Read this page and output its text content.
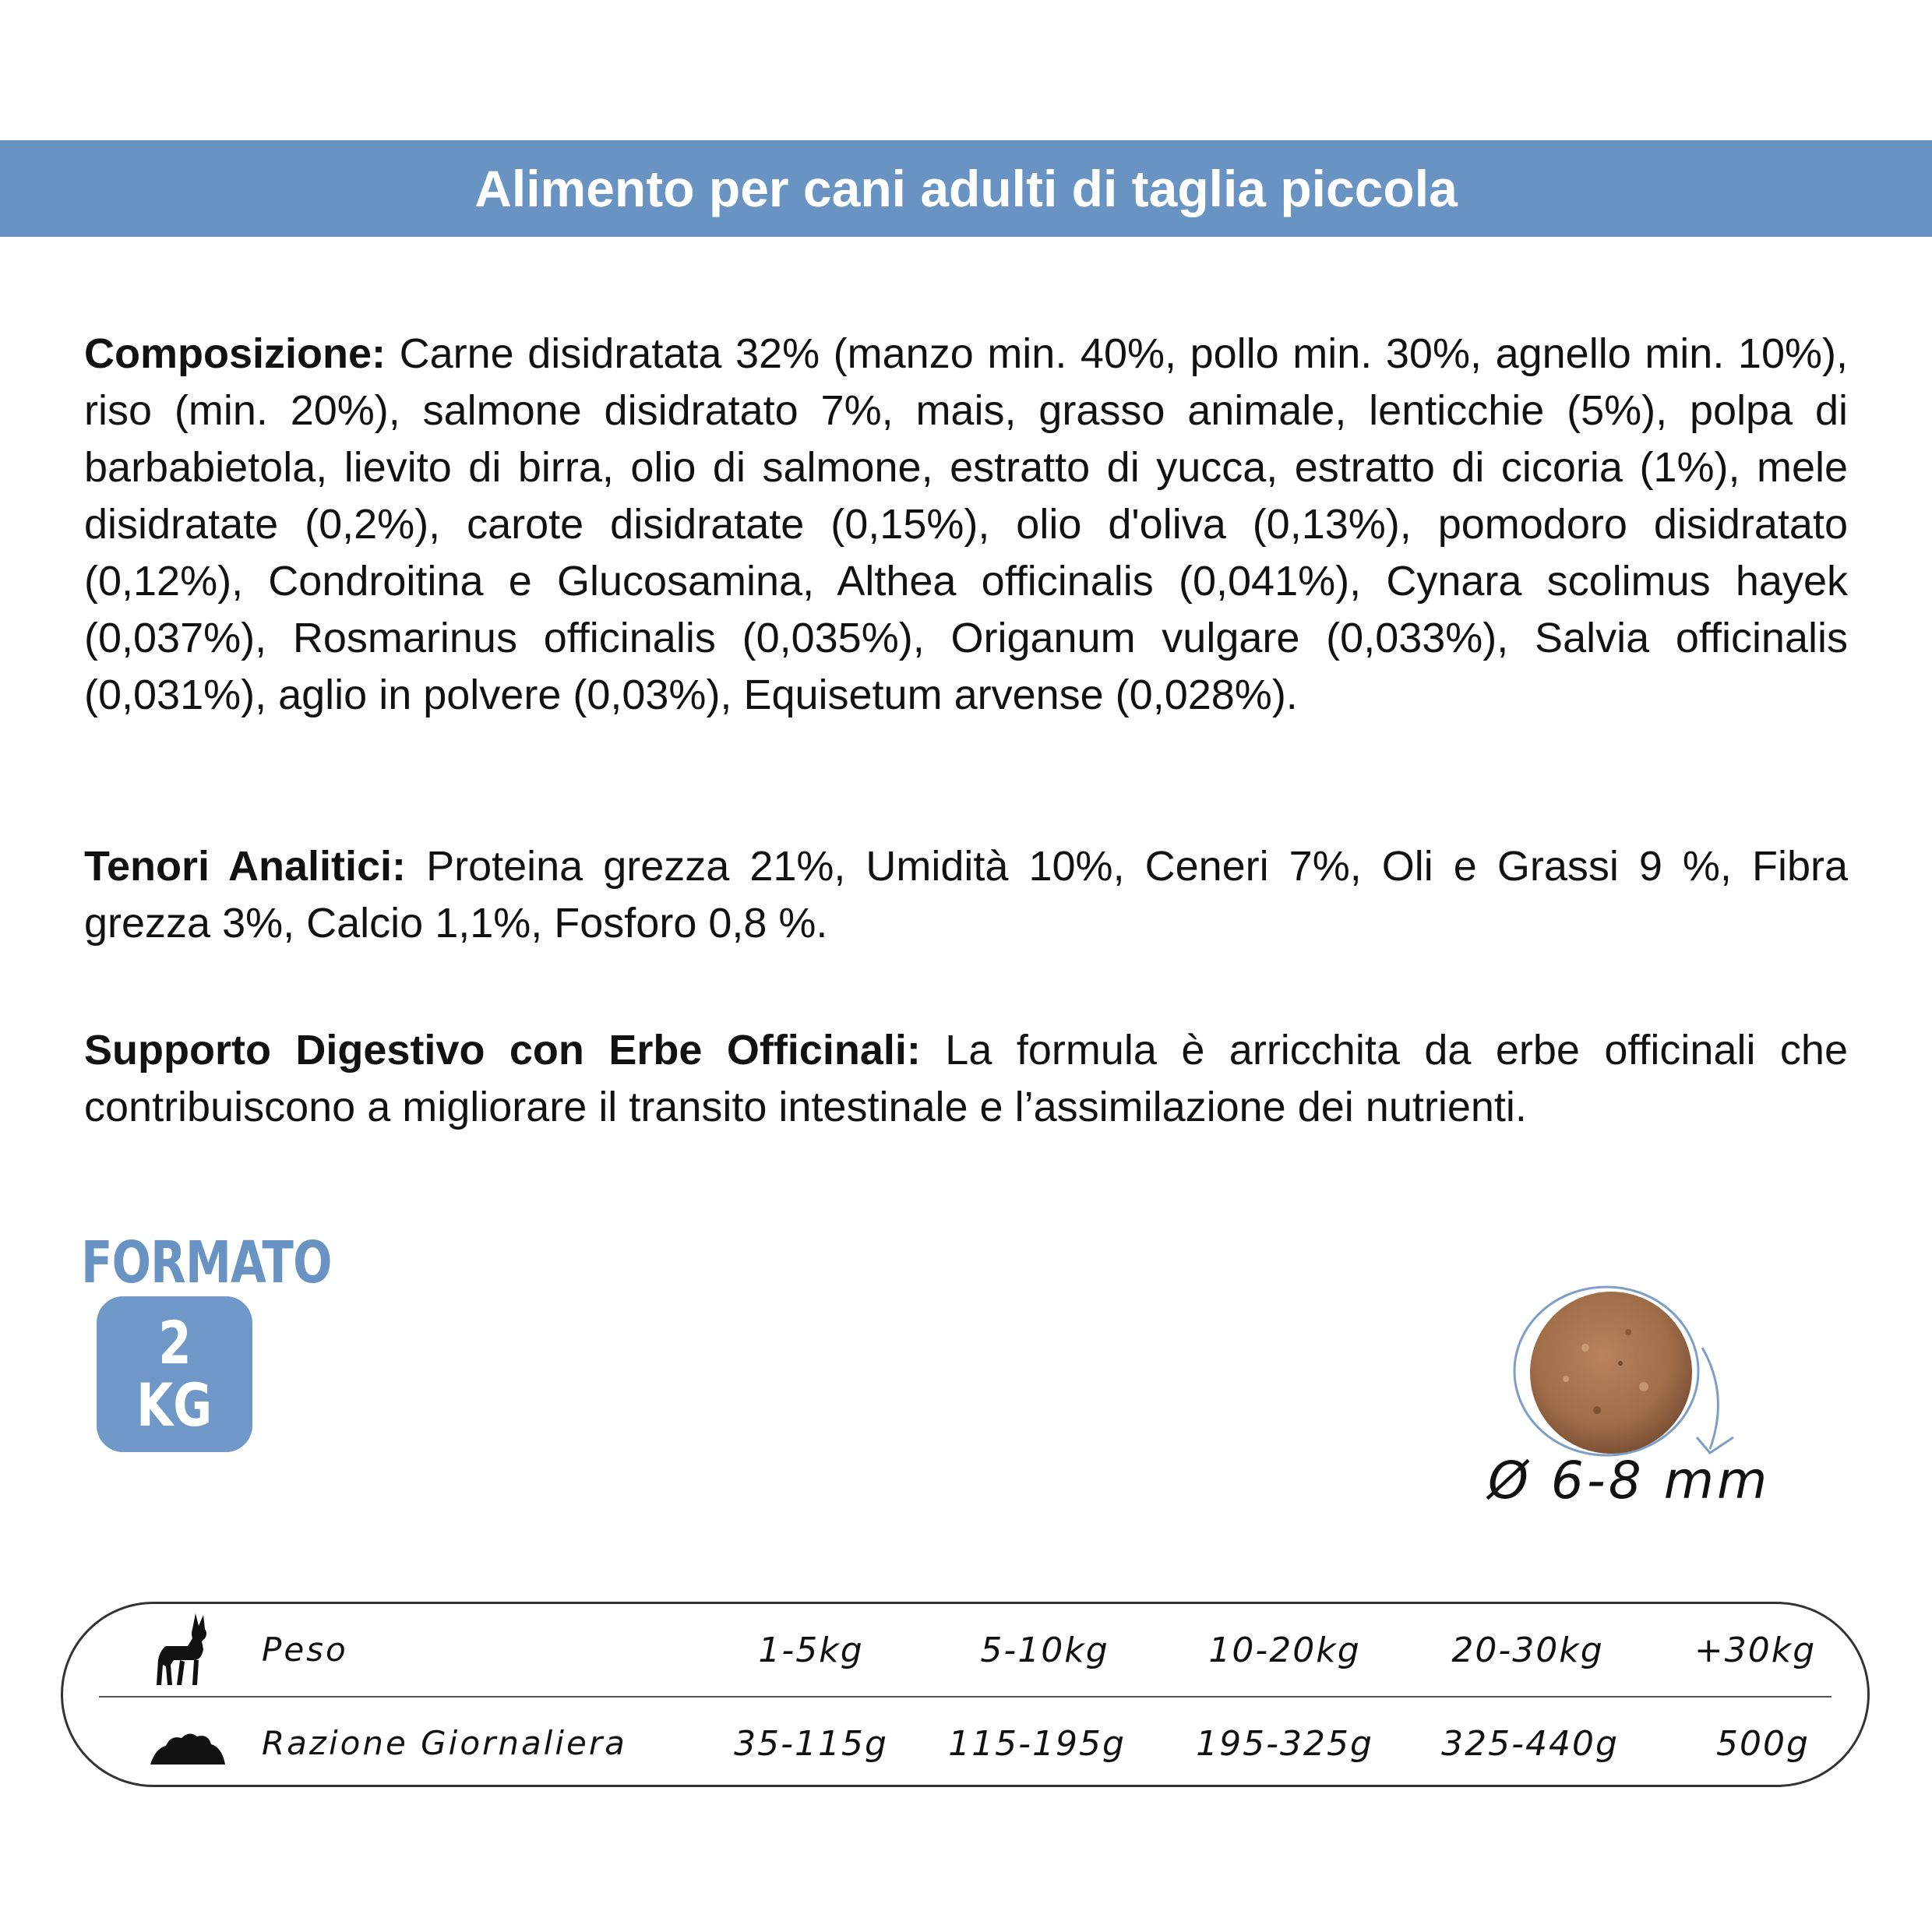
Alimento per cani adulti di taglia piccola
Composizione: Carne disidratata 32% (manzo min. 40%, pollo min. 30%, agnello min. 10%), riso (min. 20%), salmone disidratato 7%, mais, grasso animale, lenticchie (5%), polpa di barbabietola, lievito di birra, olio di salmone, estratto di yucca, estratto di cicoria (1%), mele disidratate (0,2%), carote disidratate (0,15%), olio d'oliva (0,13%), pomodoro disidratato (0,12%), Condroitina e Glucosamina, Althea officinalis (0,041%), Cynara scolimus hayek (0,037%), Rosmarinus officinalis (0,035%), Origanum vulgare (0,033%), Salvia officinalis (0,031%), aglio in polvere (0,03%), Equisetum arvense (0,028%).
Tenori Analitici: Proteina grezza 21%, Umidità 10%, Ceneri 7%, Oli e Grassi 9 %, Fibra grezza 3%, Calcio 1,1%, Fosforo 0,8 %.
Supporto Digestivo con Erbe Officinali: La formula è arricchita da erbe officinali che contribuiscono a migliorare il transito intestinale e l’assimilazione dei nutrienti.
FORMATO
2
KG
Ø 6-8 mm
Peso	1-5kg	5-10kg	10-20kg	20-30kg	+30kg
Razione Giornaliera	35-115g	115-195g	195-325g	325-440g	500g
